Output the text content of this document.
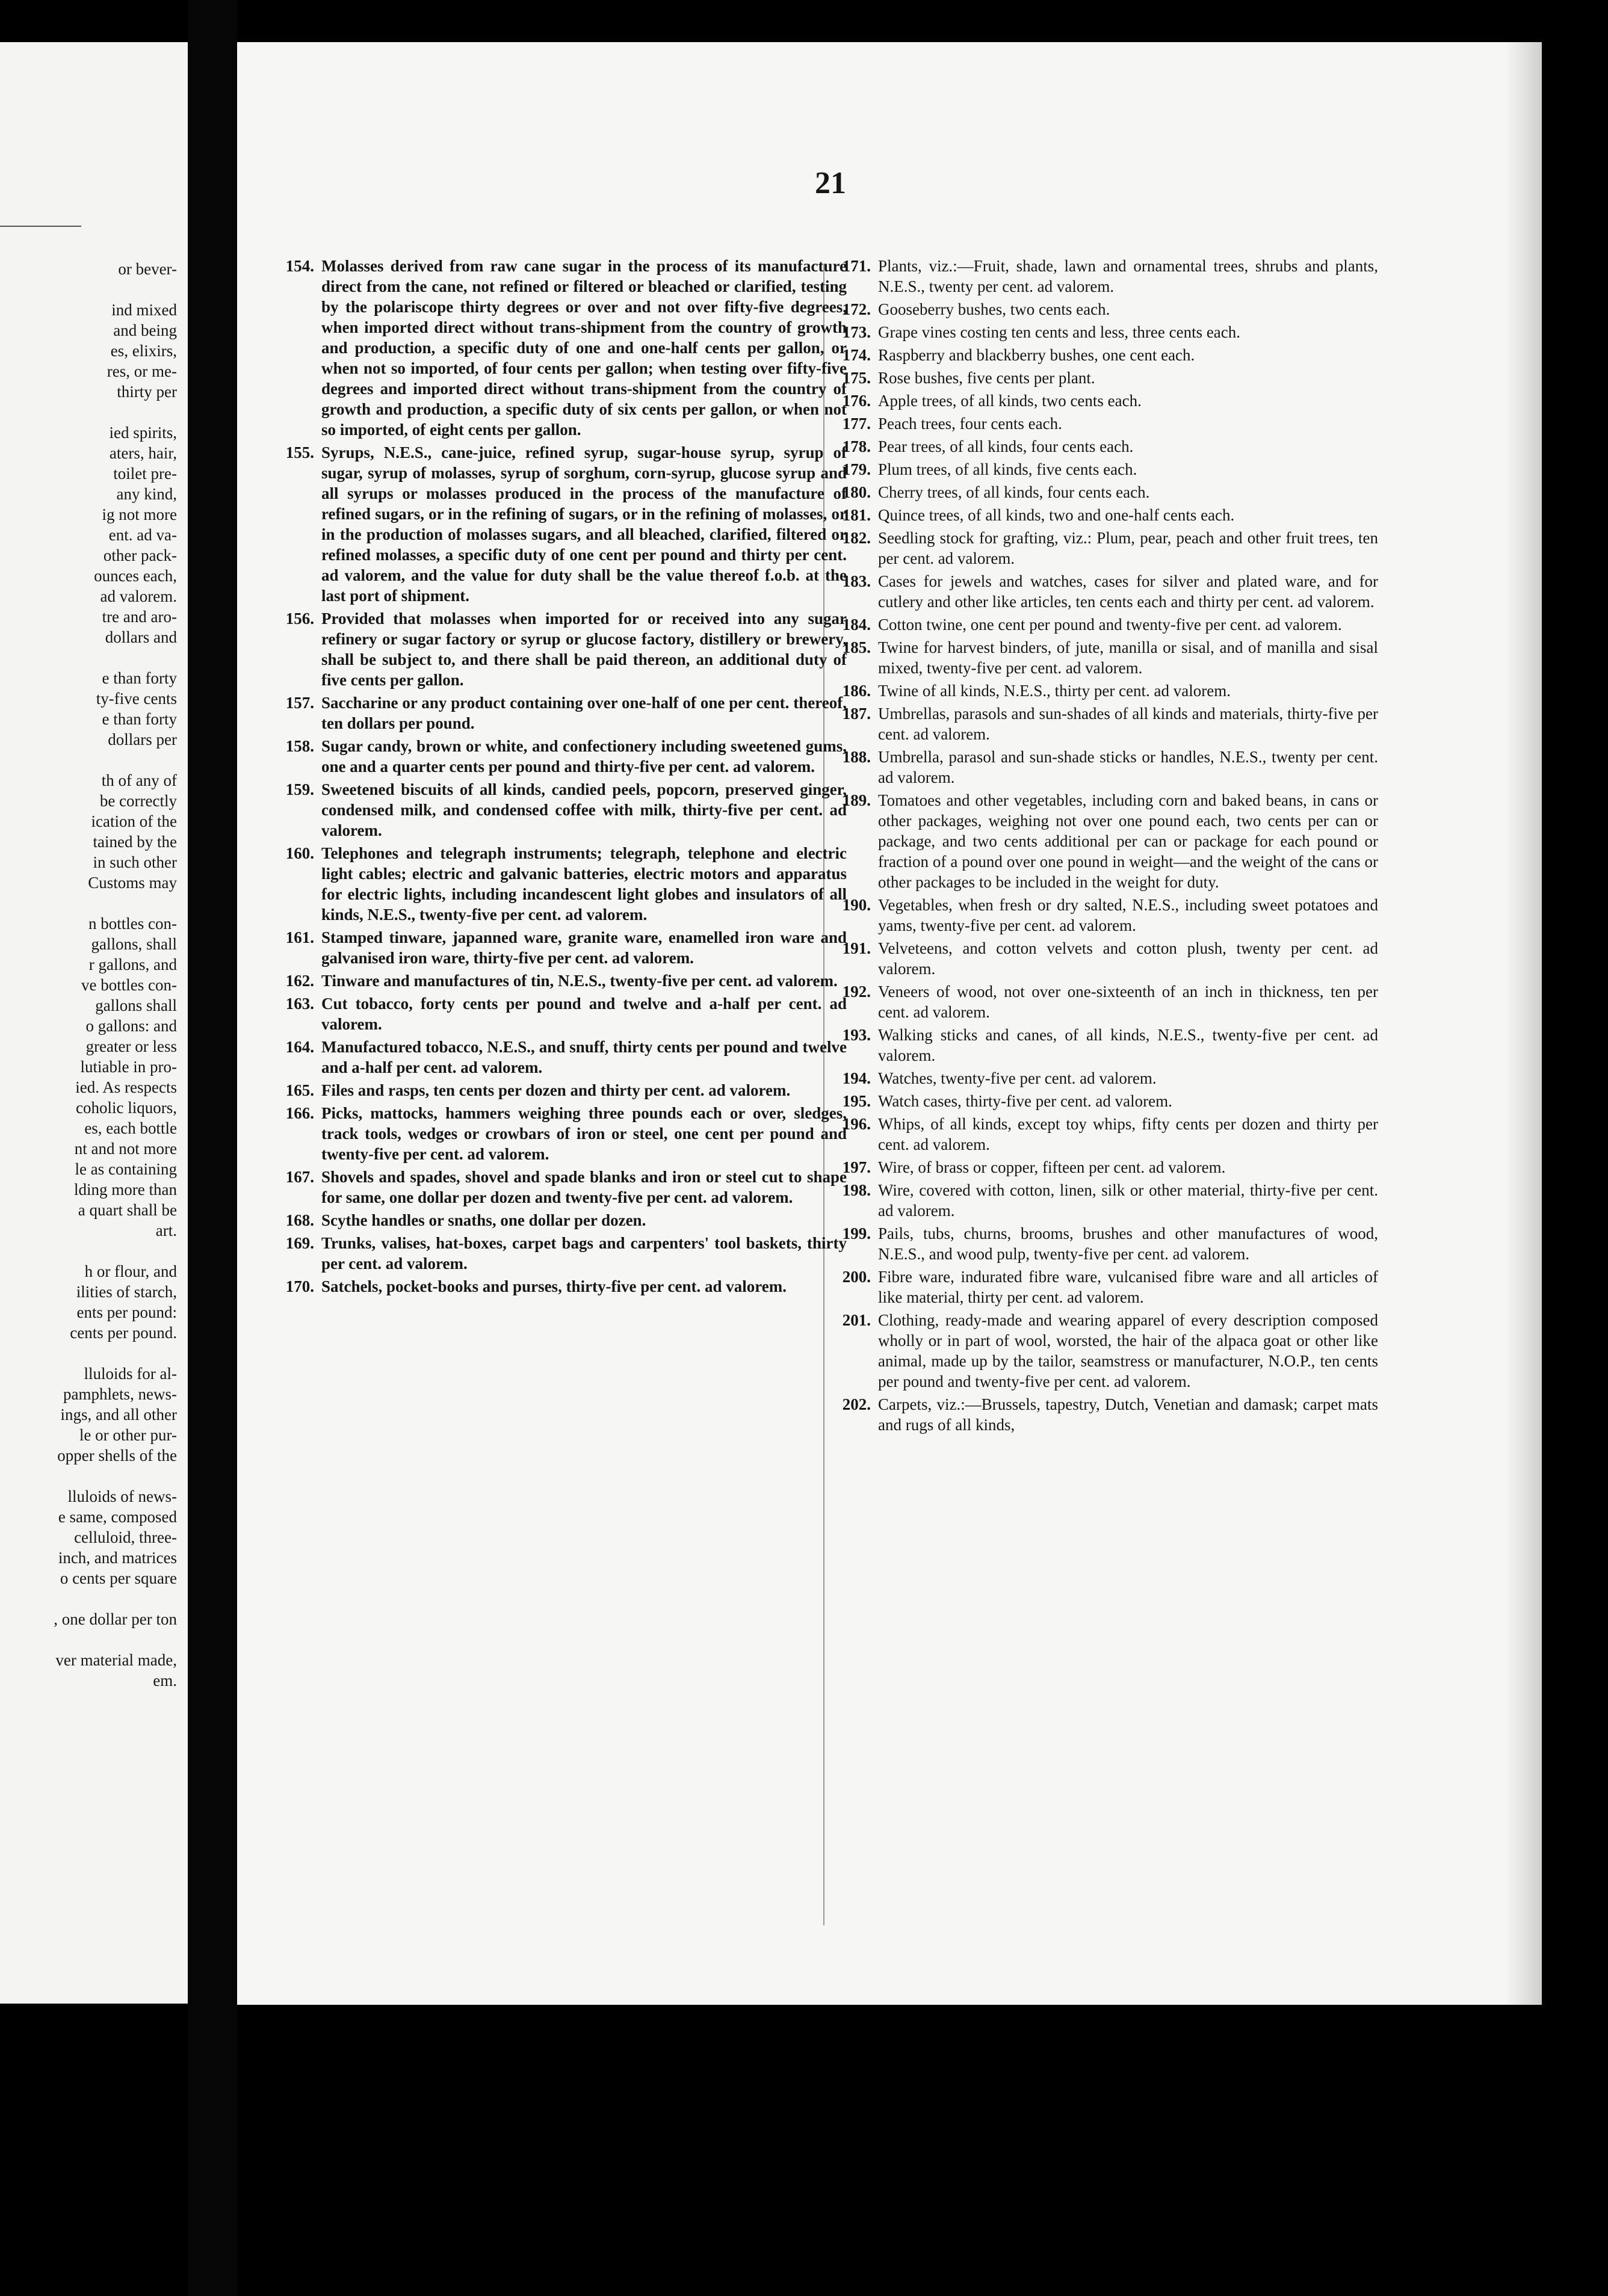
or bever-
ind mixed
and being
es, elixirs,
res, or me-
thirty per
ied spirits,
aters, hair,
toilet pre-
any kind,
ig not more
ent. ad va-
other pack-
ounces each,
ad valorem.
tre and aro-
dollars and
e than forty
ty-five cents
e than forty
dollars per
th of any of
be correctly
ication of the
tained by the
in such other
Customs may
n bottles con-
gallons, shall
r gallons, and
ve bottles con-
gallons shall
o gallons: and
greater or less
lutiable in pro-
ied. As respects
coholic liquors,
es, each bottle
nt and not more
le as containing
lding more than
a quart shall be
art.
h or flour, and
ilities of starch,
ents per pound:
cents per pound.
lluloids for al-
pamphlets, news-
ings, and all other
le or other pur-
opper shells of the
lluloids of news-
e same, composed
celluloid, three-
inch, and matrices
o cents per square
, one dollar per ton
ver material made,
em.
21
154. Molasses derived from raw cane sugar in the process of its manufacture direct from the cane, not refined or filtered or bleached or clarified, testing by the polariscope thirty degrees or over and not over fifty-five degrees, when imported direct without trans-shipment from the country of growth and production, a specific duty of one and one-half cents per gallon, or when not so imported, of four cents per gallon; when testing over fifty-five degrees and imported direct without trans-shipment from the country of growth and production, a specific duty of six cents per gallon, or when not so imported, of eight cents per gallon.
155. Syrups, N.E.S., cane-juice, refined syrup, sugar-house syrup, syrup of sugar, syrup of molasses, syrup of sorghum, corn-syrup, glucose syrup and all syrups or molasses produced in the process of the manufacture of refined sugars, or in the refining of sugars, or in the refining of molasses, or in the production of molasses sugars, and all bleached, clarified, filtered or refined molasses, a specific duty of one cent per pound and thirty per cent. ad valorem, and the value for duty shall be the value thereof f.o.b. at the last port of shipment.
156. Provided that molasses when imported for or received into any sugar refinery or sugar factory or syrup or glucose factory, distillery or brewery, shall be subject to, and there shall be paid thereon, an additional duty of five cents per gallon.
157. Saccharine or any product containing over one-half of one per cent. thereof, ten dollars per pound.
158. Sugar candy, brown or white, and confectionery including sweetened gums, one and a quarter cents per pound and thirty-five per cent. ad valorem.
159. Sweetened biscuits of all kinds, candied peels, popcorn, preserved ginger, condensed milk, and condensed coffee with milk, thirty-five per cent. ad valorem.
160. Telephones and telegraph instruments; telegraph, telephone and electric light cables; electric and galvanic batteries, electric motors and apparatus for electric lights, including incandescent light globes and insulators of all kinds, N.E.S., twenty-five per cent. ad valorem.
161. Stamped tinware, japanned ware, granite ware, enamelled iron ware and galvanised iron ware, thirty-five per cent. ad valorem.
162. Tinware and manufactures of tin, N.E.S., twenty-five per cent. ad valorem.
163. Cut tobacco, forty cents per pound and twelve and a-half per cent. ad valorem.
164. Manufactured tobacco, N.E.S., and snuff, thirty cents per pound and twelve and a-half per cent. ad valorem.
165. Files and rasps, ten cents per dozen and thirty per cent. ad valorem.
166. Picks, mattocks, hammers weighing three pounds each or over, sledges, track tools, wedges or crowbars of iron or steel, one cent per pound and twenty-five per cent. ad valorem.
167. Shovels and spades, shovel and spade blanks and iron or steel cut to shape for same, one dollar per dozen and twenty-five per cent. ad valorem.
168. Scythe handles or snaths, one dollar per dozen.
169. Trunks, valises, hat-boxes, carpet bags and carpenters' tool baskets, thirty per cent. ad valorem.
170. Satchels, pocket-books and purses, thirty-five per cent. ad valorem.
171. Plants, viz.:—Fruit, shade, lawn and ornamental trees, shrubs and plants, N.E.S., twenty per cent. ad valorem.
172. Gooseberry bushes, two cents each.
173. Grape vines costing ten cents and less, three cents each.
174. Raspberry and blackberry bushes, one cent each.
175. Rose bushes, five cents per plant.
176. Apple trees, of all kinds, two cents each.
177. Peach trees, four cents each.
178. Pear trees, of all kinds, four cents each.
179. Plum trees, of all kinds, five cents each.
180. Cherry trees, of all kinds, four cents each.
181. Quince trees, of all kinds, two and one-half cents each.
182. Seedling stock for grafting, viz.: Plum, pear, peach and other fruit trees, ten per cent. ad valorem.
183. Cases for jewels and watches, cases for silver and plated ware, and for cutlery and other like articles, ten cents each and thirty per cent. ad valorem.
184. Cotton twine, one cent per pound and twenty-five per cent. ad valorem.
185. Twine for harvest binders, of jute, manilla or sisal, and of manilla and sisal mixed, twenty-five per cent. ad valorem.
186. Twine of all kinds, N.E.S., thirty per cent. ad valorem.
187. Umbrellas, parasols and sun-shades of all kinds and materials, thirty-five per cent. ad valorem.
188. Umbrella, parasol and sun-shade sticks or handles, N.E.S., twenty per cent. ad valorem.
189. Tomatoes and other vegetables, including corn and baked beans, in cans or other packages, weighing not over one pound each, two cents per can or package, and two cents additional per can or package for each pound or fraction of a pound over one pound in weight—and the weight of the cans or other packages to be included in the weight for duty.
190. Vegetables, when fresh or dry salted, N.E.S., including sweet potatoes and yams, twenty-five per cent. ad valorem.
191. Velveteens, and cotton velvets and cotton plush, twenty per cent. ad valorem.
192. Veneers of wood, not over one-sixteenth of an inch in thickness, ten per cent. ad valorem.
193. Walking sticks and canes, of all kinds, N.E.S., twenty-five per cent. ad valorem.
194. Watches, twenty-five per cent. ad valorem.
195. Watch cases, thirty-five per cent. ad valorem.
196. Whips, of all kinds, except toy whips, fifty cents per dozen and thirty per cent. ad valorem.
197. Wire, of brass or copper, fifteen per cent. ad valorem.
198. Wire, covered with cotton, linen, silk or other material, thirty-five per cent. ad valorem.
199. Pails, tubs, churns, brooms, brushes and other manufactures of wood, N.E.S., and wood pulp, twenty-five per cent. ad valorem.
200. Fibre ware, indurated fibre ware, vulcanised fibre ware and all articles of like material, thirty per cent. ad valorem.
201. Clothing, ready-made and wearing apparel of every description composed wholly or in part of wool, worsted, the hair of the alpaca goat or other like animal, made up by the tailor, seamstress or manufacturer, N.O.P., ten cents per pound and twenty-five per cent. ad valorem.
202. Carpets, viz.:—Brussels, tapestry, Dutch, Venetian and damask; carpet mats and rugs of all kinds,
